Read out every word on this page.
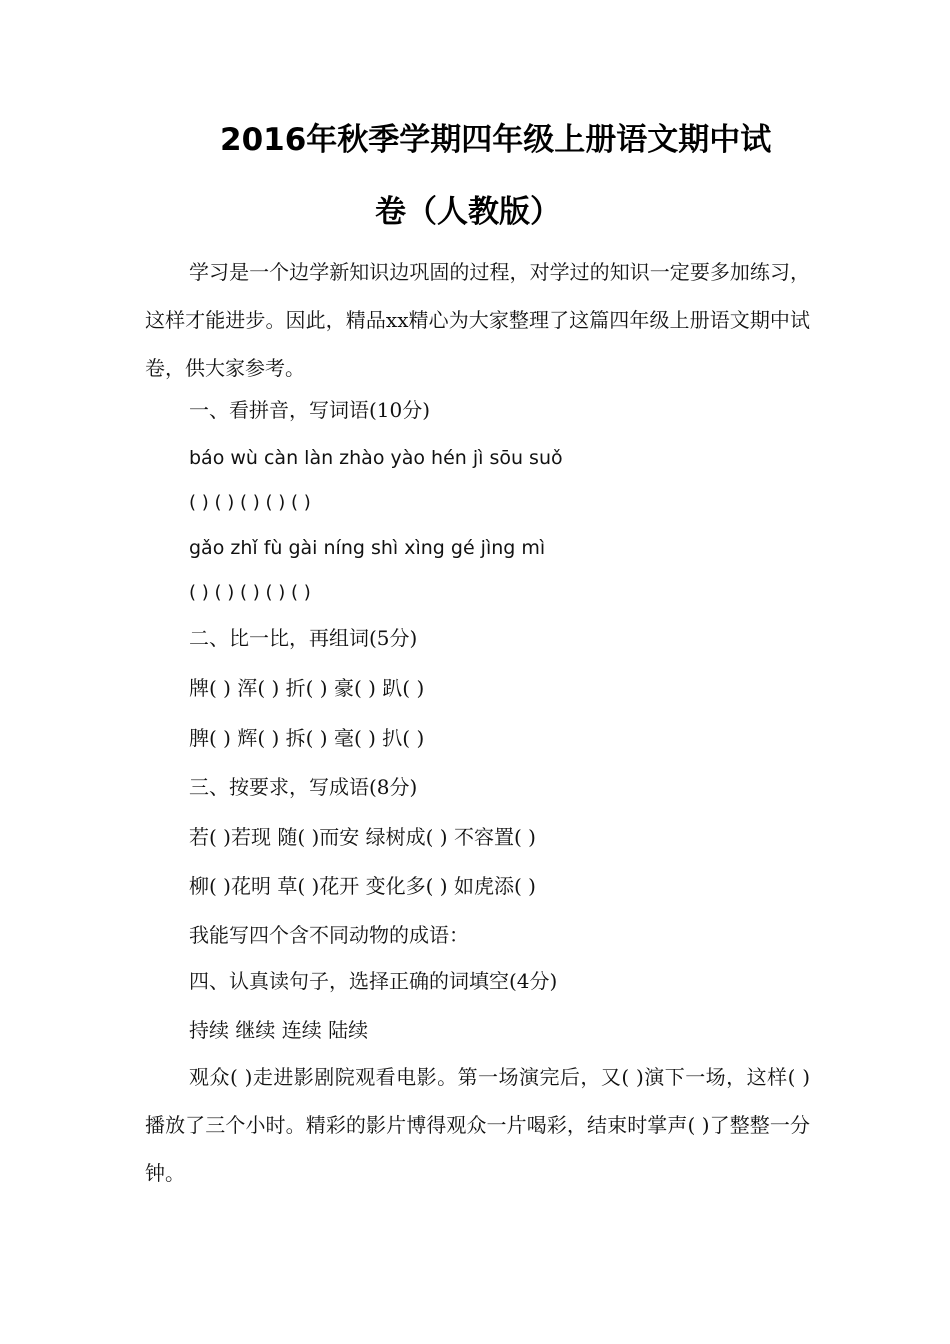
2016年秋季学期四年级上册语文期中试
卷（人教版）

学习是一个边学新知识边巩固的过程，对学过的知识一定要多加练习，这样才能进步。因此，精品xx精心为大家整理了这篇四年级上册语文期中试卷，供大家参考。

一、看拼音，写词语(10分)

báo wù càn làn zhào yào hén jì sōu suǒ

( ) ( ) ( ) ( ) ( )

gǎo zhǐ fù gài níng shì xìng gé jìng mì

( ) ( ) ( ) ( ) ( )

二、比一比，再组词(5分)

牌( ) 浑( ) 折( ) 豪( ) 趴( )

脾( ) 辉( ) 拆( ) 毫( ) 扒( )

三、按要求，写成语(8分)

若( )若现 随( )而安 绿树成( ) 不容置( )

柳( )花明 草( )花开 变化多( ) 如虎添( )

我能写四个含不同动物的成语：

四、认真读句子，选择正确的词填空(4分)

持续 继续 连续 陆续

观众( )走进影剧院观看电影。第一场演完后，又( )演下一场，这样( )播放了三个小时。精彩的影片博得观众一片喝彩，结束时掌声( )了整整一分钟。
